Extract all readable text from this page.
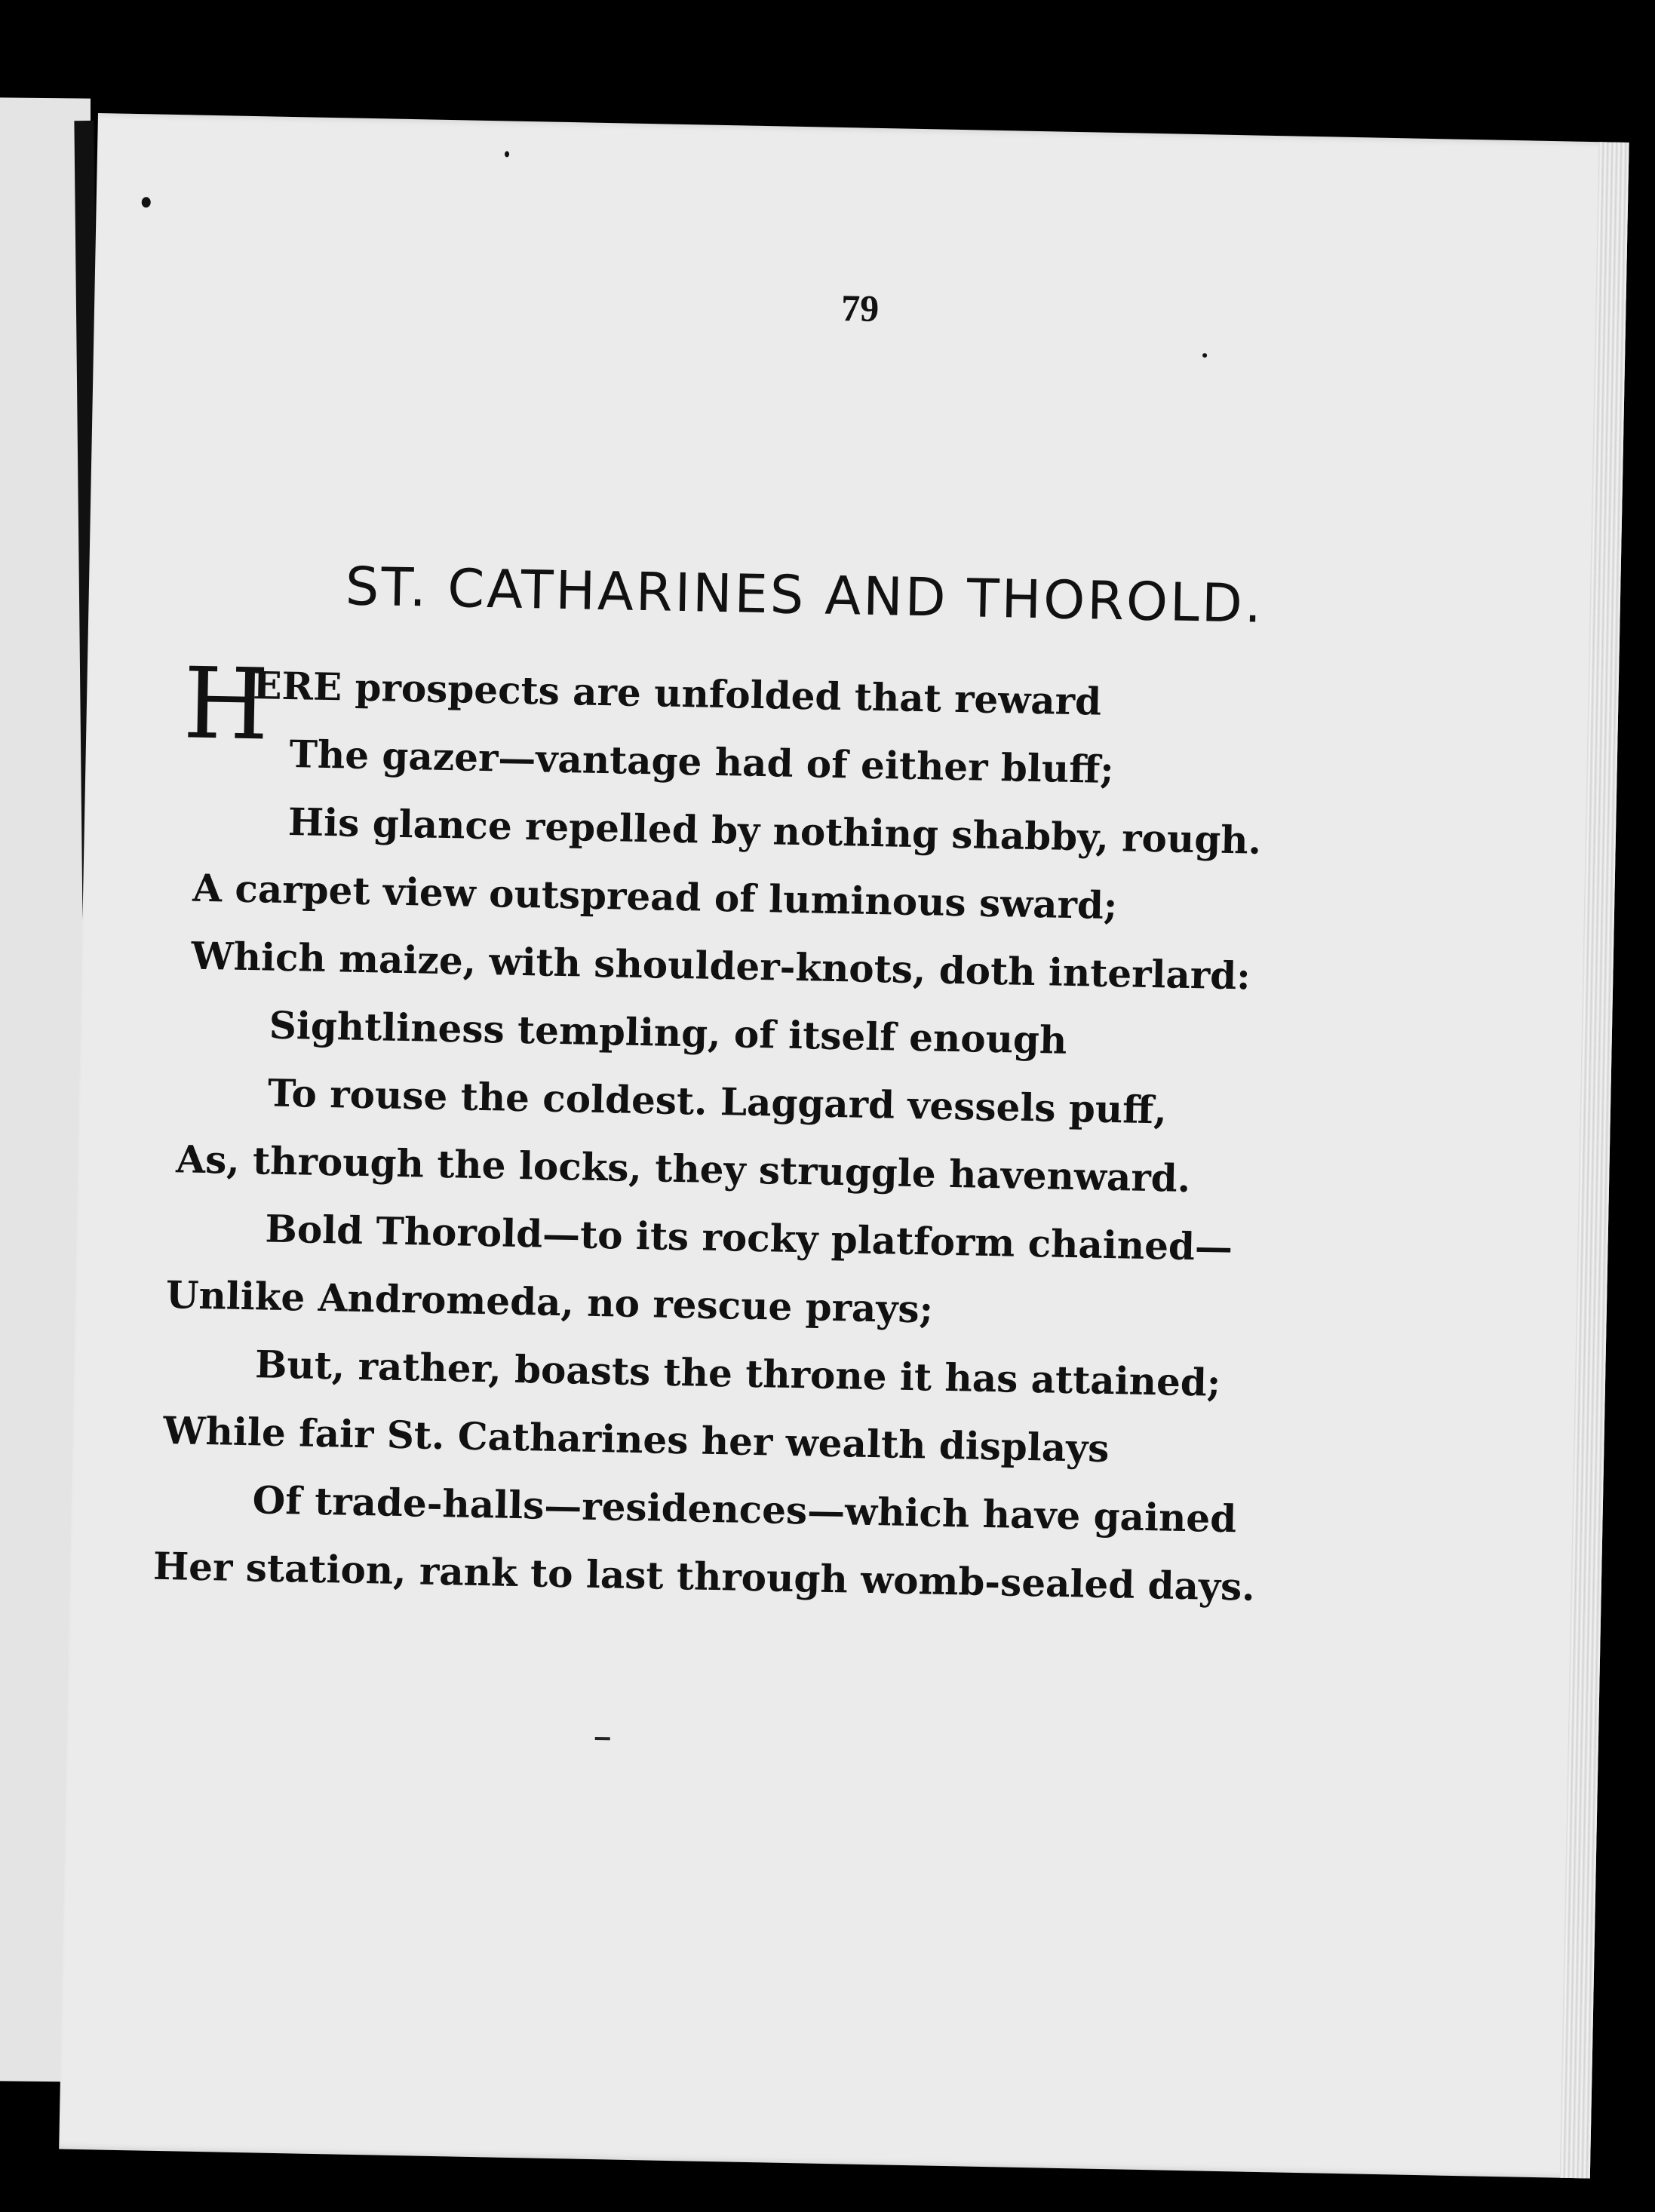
79
ST. CATHARINES AND THOROLD.
H
ERE prospects are unfolded that reward
The gazer—vantage had of either bluff;
His glance repelled by nothing shabby, rough.
A carpet view outspread of luminous sward;
Which maize, with shoulder-knots, doth interlard:
Sightliness templing, of itself enough
To rouse the coldest. Laggard vessels puff,
As, through the locks, they struggle havenward.
Bold Thorold—to its rocky platform chained—
Unlike Andromeda, no rescue prays;
But, rather, boasts the throne it has attained;
While fair St. Catharines her wealth displays
Of trade-halls—residences—which have gained
Her station, rank to last through womb-sealed days.
